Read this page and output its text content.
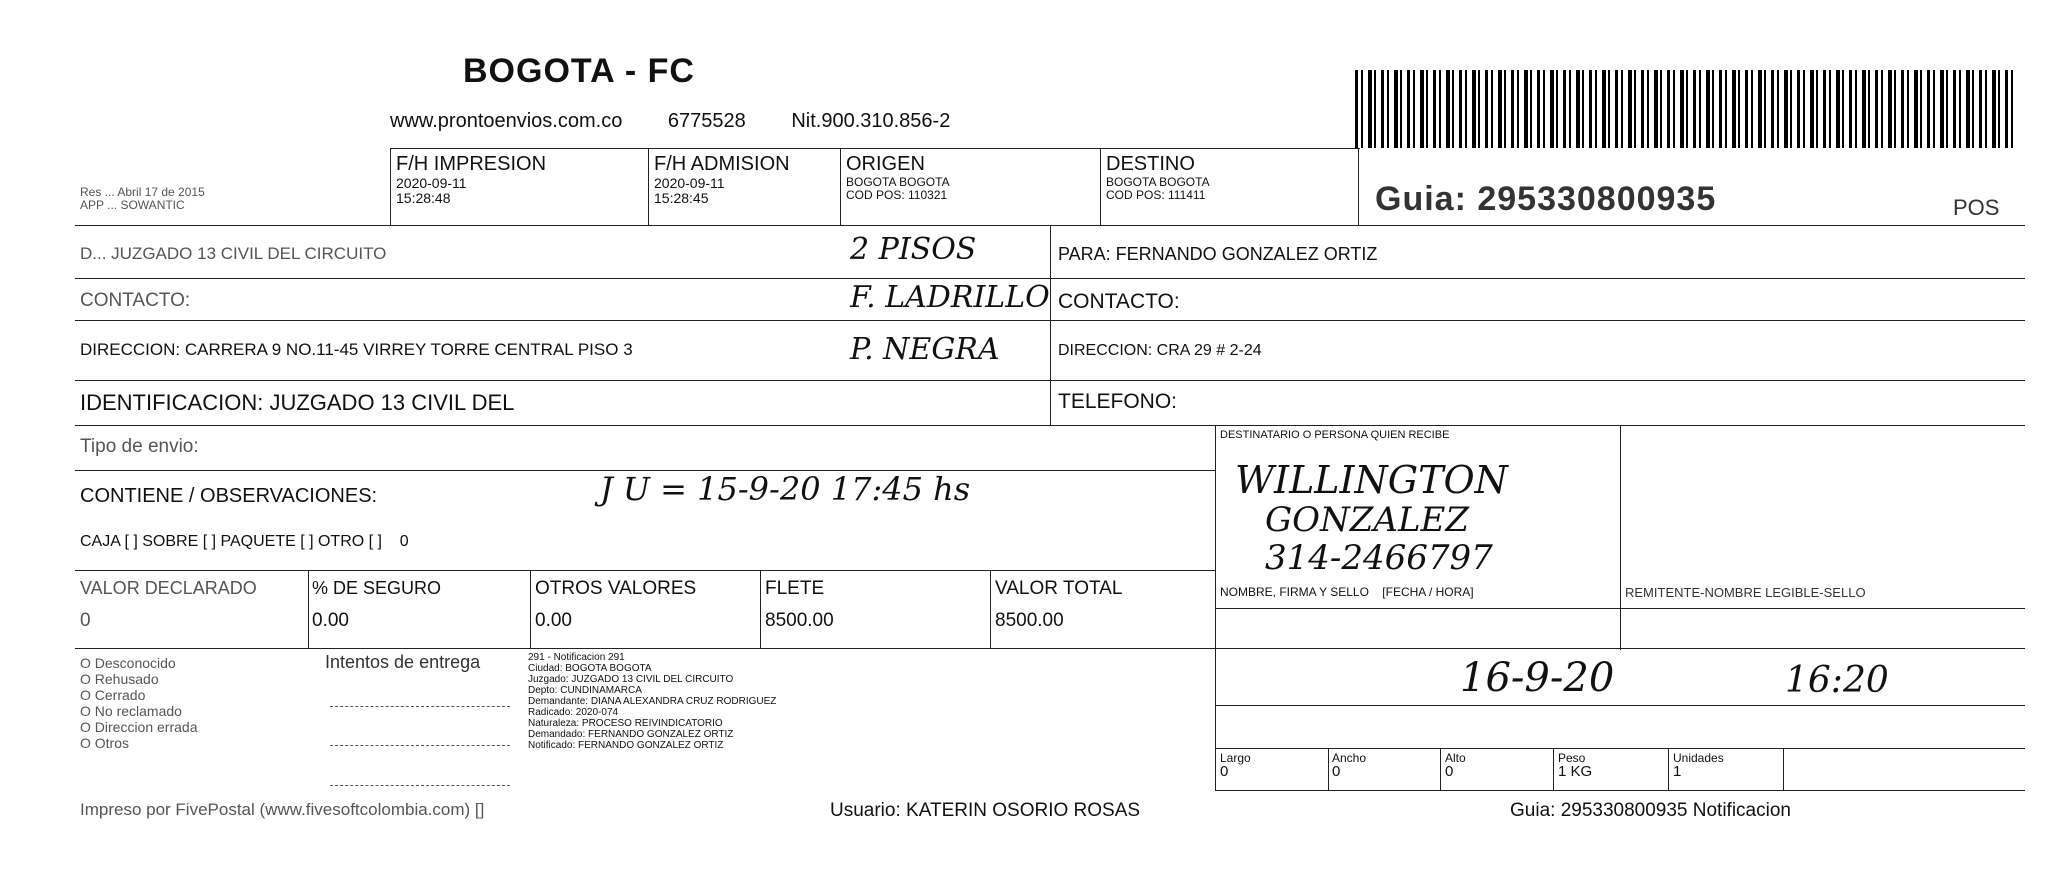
BOGOTA - FC
www.prontoenvios.com.co 6775528 Nit.900.310.856-2
Res ... Abril 17 de 2015
APP ... SOWANTIC
F/H IMPRESION
2020-09-11
15:28:48
F/H ADMISION
2020-09-11
15:28:45
ORIGEN
BOGOTA BOGOTA
COD POS: 110321
DESTINO
BOGOTA BOGOTA
COD POS: 111411	Guia: 295330800935	POS
D... JUZGADO 13 CIVIL DEL CIRCUITO	2 PISOS
CONTACTO:	F. LADRILLO
DIRECCION: CARRERA 9 NO.11-45 VIRREY TORRE CENTRAL PISO 3	P. NEGRA
IDENTIFICACION: JUZGADO 13 CIVIL DEL
PARA: FERNANDO GONZALEZ ORTIZ
CONTACTO:
DIRECCION: CRA 29 # 2-24
TELEFONO:
Tipo de envio:
CONTIENE / OBSERVACIONES:	J U = 15-9-20 17:45 hs
CAJA [ ] SOBRE [ ] PAQUETE [ ] OTRO [ ] 0
DESTINATARIO O PERSONA QUIEN RECIBE
WILLINGTON
GONZALEZ
314-2466797
NOMBRE, FIRMA Y SELLO [FECHA / HORA]	REMITENTE-NOMBRE LEGIBLE-SELLO
VALOR DECLARADO
0
% DE SEGURO
0.00
OTROS VALORES
0.00
FLETE
8500.00
VALOR TOTAL
8500.00
O Desconocido
O Rehusado
O Cerrado
O No reclamado
O Direccion errada
O Otros
Intentos de entrega	291 - Notificacion 291
Ciudad: BOGOTA BOGOTA
Juzgado: JUZGADO 13 CIVIL DEL CIRCUITO
Depto: CUNDINAMARCA
Demandante: DIANA ALEXANDRA CRUZ RODRIGUEZ
Radicado: 2020-074
Naturaleza: PROCESO REIVINDICATORIO
Demandado: FERNANDO GONZALEZ ORTIZ
Notificado: FERNANDO GONZALEZ ORTIZ
16-9-20	16:20
Largo
0
Ancho
0
Alto
0
Peso
1 KG
Unidades
1
Impreso por FivePostal (www.fivesoftcolombia.com) []	Usuario: KATERIN OSORIO ROSAS	Guia: 295330800935 Notificacion
